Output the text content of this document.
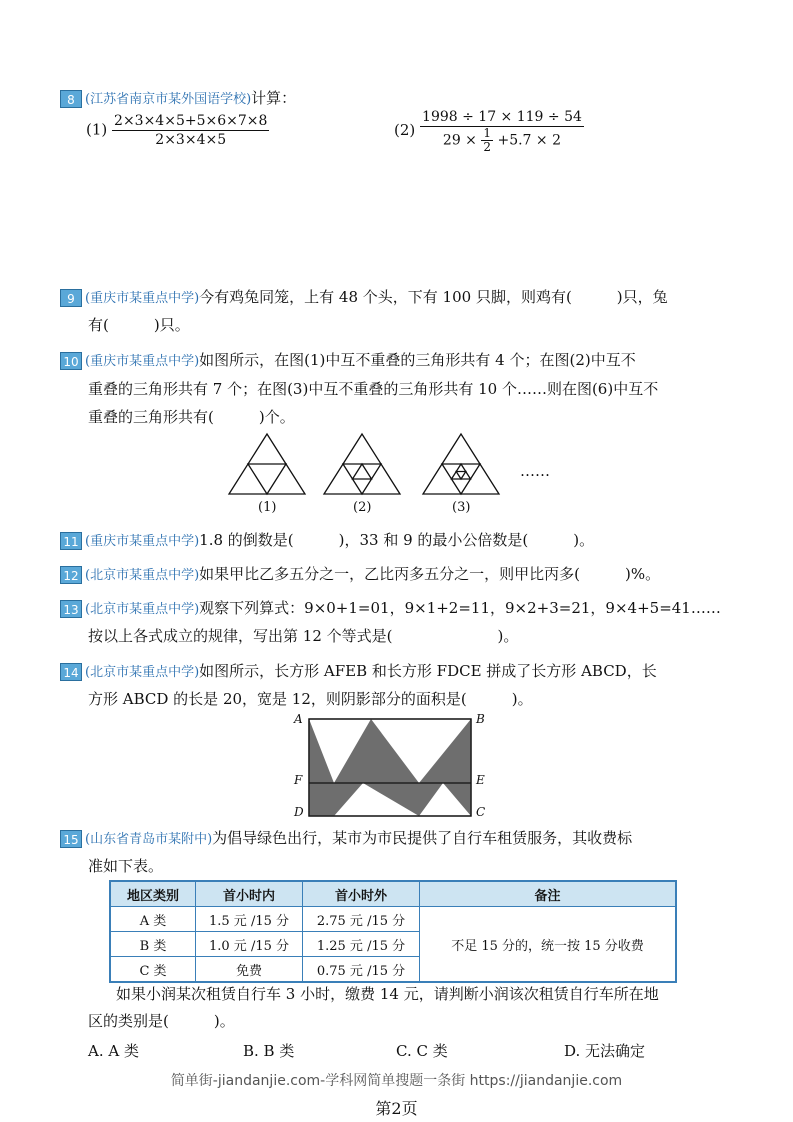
8 (江苏省南京市某外国语学校)计算：
$(1) \frac{2\times 3\times 4\times 5+5\times 6\times 7\times 8}{2\times 3\times 4\times 5}$	$(2) \frac{1998 \div 17 \times 119 \div 54}{29 \times \frac{1}{2} +5.7 \times 2}$
9 (重庆市某重点中学)今有鸡兔同笼，上有 48 个头，下有 100 只脚，则鸡有(　　　)只，兔
有(　　　)只。
10 (重庆市某重点中学)如图所示，在图(1)中互不重叠的三角形共有 4 个；在图(2)中互不
重叠的三角形共有 7 个；在图(3)中互不重叠的三角形共有 10 个……则在图(6)中互不
重叠的三角形共有(　　　)个。
(1)	(2)	(3)
……
11 (重庆市某重点中学)1.8 的倒数是(　　　)，33 和 9 的最小公倍数是(　　　)。
12 (北京市某重点中学)如果甲比乙多五分之一，乙比丙多五分之一，则甲比丙多(　　　)%。
13 (北京市某重点中学)观察下列算式：9×0+1=01，9×1+2=11，9×2+3=21，9×4+5=41……
按以上各式成立的规律，写出第 12 个等式是(　　　　　　　)。
14 (北京市某重点中学)如图所示，长方形 AFEB 和长方形 FDCE 拼成了长方形 ABCD，长
方形 ABCD 的长是 20，宽是 12，则阴影部分的面积是(　　　)。
A	B
F	E
D	C
15 (山东省青岛市某附中)为倡导绿色出行，某市为市民提供了自行车租赁服务，其收费标
准如下表。
地区类别	首小时内	首小时外	备注
A 类	1.5 元 /15 分	2.75 元 /15 分	不足 15 分的，统一按 15 分收费
B 类	1.0 元 /15 分	1.25 元 /15 分	
C 类	免费	0.75 元 /15 分	
如果小润某次租赁自行车 3 小时，缴费 14 元，请判断小润该次租赁自行车所在地
区的类别是(　　　)。
A. A 类	B. B 类	C. C 类	D. 无法确定
简单街-jiandanjie.com-学科网简单搜题一条街 https://jiandanjie.com
第2页
